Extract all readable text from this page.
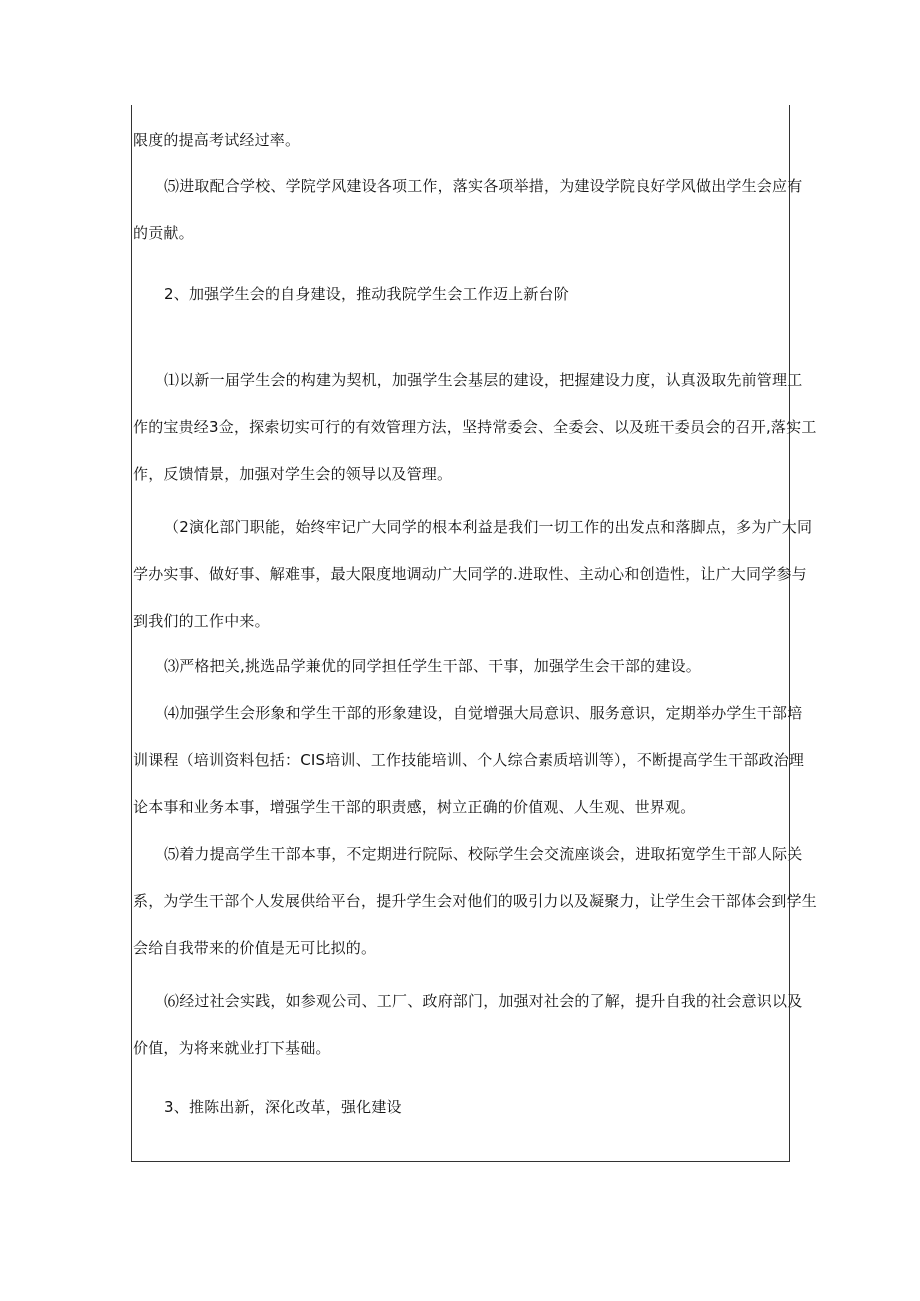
限度的提高考试经过率。
⑸进取配合学校、学院学风建设各项工作，落实各项举措，为建设学院良好学风做出学生会应有
的贡献。
2、加强学生会的自身建设，推动我院学生会工作迈上新台阶
⑴以新一届学生会的构建为契机，加强学生会基层的建设，把握建设力度，认真汲取先前管理工
作的宝贵经3佥，探索切实可行的有效管理方法，坚持常委会、全委会、以及班干委员会的召开,落实工
作，反馈情景，加强对学生会的领导以及管理。
（2演化部门职能，始终牢记广大同学的根本利益是我们一切工作的出发点和落脚点，多为广大同
学办实事、做好事、解难事，最大限度地调动广大同学的.进取性、主动心和创造性，让广大同学参与
到我们的工作中来。
⑶严格把关,挑选品学兼优的同学担任学生干部、干事，加强学生会干部的建设。
⑷加强学生会形象和学生干部的形象建设，自觉增强大局意识、服务意识，定期举办学生干部培
训课程（培训资料包括：CIS培训、工作技能培训、个人综合素质培训等），不断提高学生干部政治理
论本事和业务本事，增强学生干部的职责感，树立正确的价值观、人生观、世界观。
⑸着力提高学生干部本事，不定期进行院际、校际学生会交流座谈会，进取拓宽学生干部人际关
系，为学生干部个人发展供给平台，提升学生会对他们的吸引力以及凝聚力，让学生会干部体会到学生
会给自我带来的价值是无可比拟的。
⑹经过社会实践，如参观公司、工厂、政府部门，加强对社会的了解，提升自我的社会意识以及
价值，为将来就业打下基础。
3、推陈出新，深化改革，强化建设
